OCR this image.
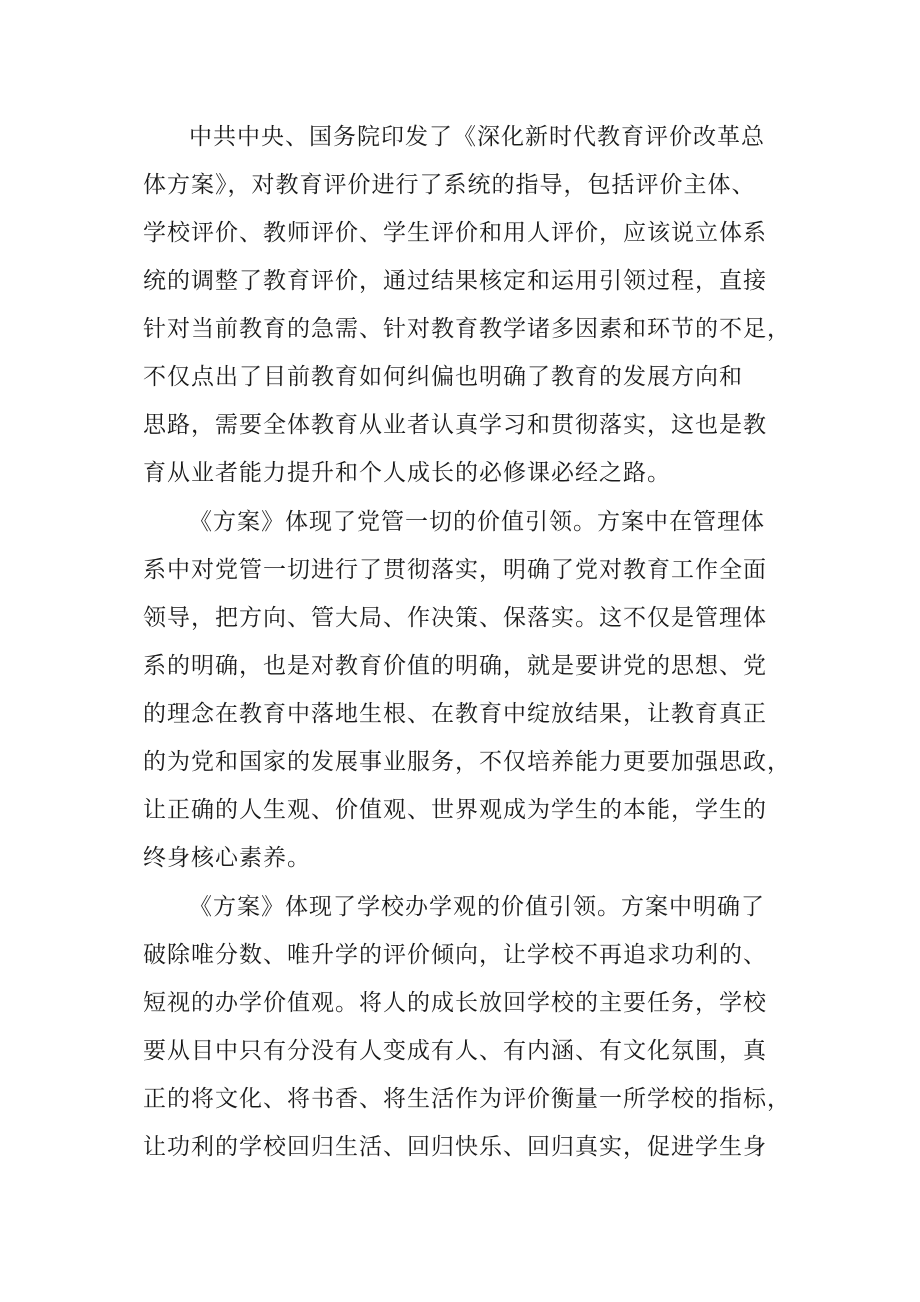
中共中央、国务院印发了《深化新时代教育评价改革总
体方案》，对教育评价进行了系统的指导，包括评价主体、
学校评价、教师评价、学生评价和用人评价，应该说立体系
统的调整了教育评价，通过结果核定和运用引领过程，直接
针对当前教育的急需、针对教育教学诸多因素和环节的不足，
不仅点出了目前教育如何纠偏也明确了教育的发展方向和
思路，需要全体教育从业者认真学习和贯彻落实，这也是教
育从业者能力提升和个人成长的必修课必经之路。
《方案》体现了党管一切的价值引领。方案中在管理体
系中对党管一切进行了贯彻落实，明确了党对教育工作全面
领导，把方向、管大局、作决策、保落实。这不仅是管理体
系的明确，也是对教育价值的明确，就是要讲党的思想、党
的理念在教育中落地生根、在教育中绽放结果，让教育真正
的为党和国家的发展事业服务，不仅培养能力更要加强思政，
让正确的人生观、价值观、世界观成为学生的本能，学生的
终身核心素养。
《方案》体现了学校办学观的价值引领。方案中明确了
破除唯分数、唯升学的评价倾向，让学校不再追求功利的、
短视的办学价值观。将人的成长放回学校的主要任务，学校
要从目中只有分没有人变成有人、有内涵、有文化氛围，真
正的将文化、将书香、将生活作为评价衡量一所学校的指标，
让功利的学校回归生活、回归快乐、回归真实，促进学生身
